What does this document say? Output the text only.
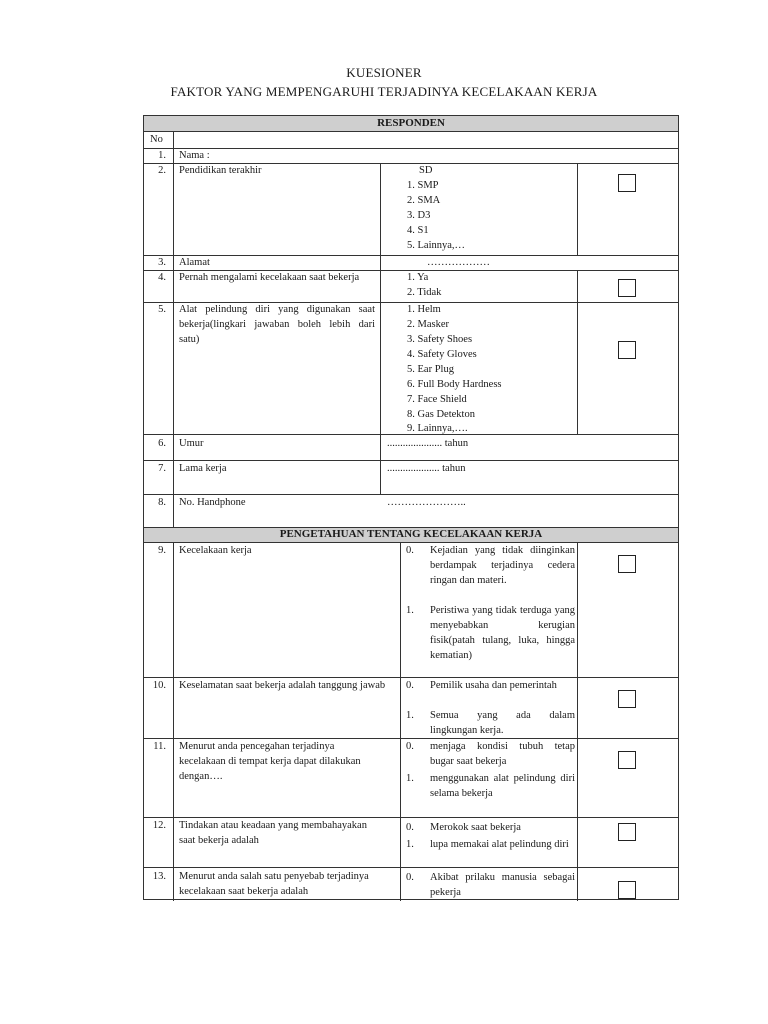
KUESIONER
FAKTOR YANG MEMPENGARUHI TERJADINYA KECELAKAAN KERJA
RESPONDEN
PENGETAHUAN TENTANG KECELAKAAN KERJA
No
1. Nama :
2. Pendidikan terakhir	SD
1. SMP
2. SMA
3. D3
4. S1
5. Lainnya,…
3. Alamat	………………
4. Pernah mengalami kecelakaan saat bekerja	1. Ya
2. Tidak
5. Alat pelindung diri yang digunakan saat bekerja(lingkari jawaban boleh lebih dari satu)
1. Helm
2. Masker
3. Safety Shoes
4. Safety Gloves
5. Ear Plug
6. Full Body Hardness
7. Face Shield
8. Gas Detekton
9. Lainnya,….
6. Umur	..................... tahun
7. Lama kerja	.................... tahun
8. No. Handphone	…………………..
9. Kecelakaan kerja	0.	Kejadian yang tidak diinginkan berdampak terjadinya cedera ringan dan materi.
1.	Peristiwa yang tidak terduga yang menyebabkan kerugian fisik(patah tulang, luka, hingga kematian)
10. Keselamatan saat bekerja adalah tanggung jawab	0.	Pemilik usaha dan pemerintah
1.	Semua yang ada dalam lingkungan kerja.
11. Menurut anda pencegahan terjadinya kecelakaan di tempat kerja dapat dilakukan dengan….
0.	menjaga kondisi tubuh tetap bugar saat bekerja
1.	menggunakan alat pelindung diri selama bekerja
12. Tindakan atau keadaan yang membahayakan saat bekerja adalah
0.	Merokok saat bekerja
1.	lupa memakai alat pelindung diri
13. Menurut anda salah satu penyebab terjadinya kecelakaan saat bekerja adalah
0.	Akibat prilaku manusia sebagai pekerja
